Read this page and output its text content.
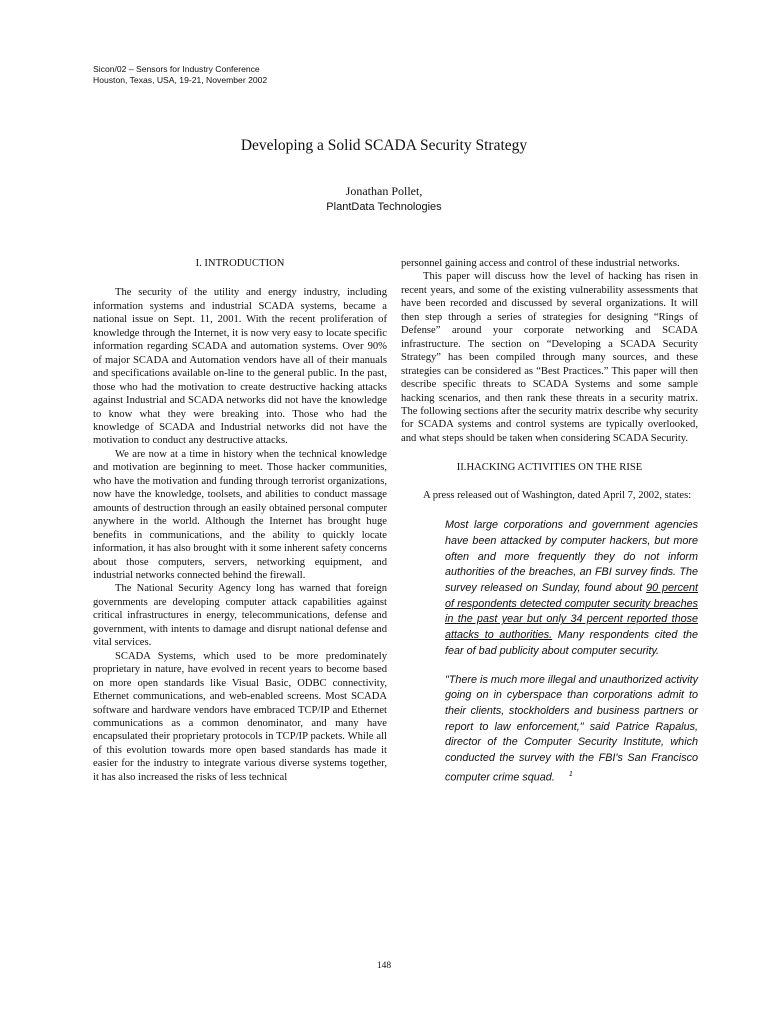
Sicon/02 – Sensors for Industry Conference
Houston, Texas, USA, 19-21, November 2002
Developing a Solid SCADA Security Strategy
Jonathan Pollet,
PlantData Technologies
I. INTRODUCTION

The security of the utility and energy industry, including information systems and industrial SCADA systems, became a national issue on Sept. 11, 2001. With the recent proliferation of knowledge through the Internet, it is now very easy to locate specific information regarding SCADA and automation systems. Over 90% of major SCADA and Automation vendors have all of their manuals and specifications available on-line to the general public. In the past, those who had the motivation to create destructive hacking attacks against Industrial and SCADA networks did not have the knowledge to know what they were breaking into. Those who had the knowledge of SCADA and Industrial networks did not have the motivation to conduct any destructive attacks.

We are now at a time in history when the technical knowledge and motivation are beginning to meet. Those hacker communities, who have the motivation and funding through terrorist organizations, now have the knowledge, toolsets, and abilities to conduct massage amounts of destruction through an easily obtained personal computer anywhere in the world. Although the Internet has brought huge benefits in communications, and the ability to quickly locate information, it has also brought with it some inherent safety concerns about those computers, servers, networking equipment, and industrial networks connected behind the firewall.

The National Security Agency long has warned that foreign governments are developing computer attack capabilities against critical infrastructures in energy, telecommunications, defense and government, with intents to damage and disrupt national defense and vital services.

SCADA Systems, which used to be more predominately proprietary in nature, have evolved in recent years to become based on more open standards like Visual Basic, ODBC connectivity, Ethernet communications, and web-enabled screens. Most SCADA software and hardware vendors have embraced TCP/IP and Ethernet communications as a common denominator, and many have encapsulated their proprietary protocols in TCP/IP packets. While all of this evolution towards more open based standards has made it easier for the industry to integrate various diverse systems together, it has also increased the risks of less technical

personnel gaining access and control of these industrial networks.

This paper will discuss how the level of hacking has risen in recent years, and some of the existing vulnerability assessments that have been recorded and discussed by several organizations. It will then step through a series of strategies for designing “Rings of Defense” around your corporate networking and SCADA infrastructure. The section on “Developing a SCADA Security Strategy” has been compiled through many sources, and these strategies can be considered as “Best Practices.” This paper will then describe specific threats to SCADA Systems and some sample hacking scenarios, and then rank these threats in a security matrix. The following sections after the security matrix describe why security for SCADA systems and control systems are typically overlooked, and what steps should be taken when considering SCADA Security.

II.HACKING ACTIVITIES ON THE RISE

A press released out of Washington, dated April 7, 2002, states:

Most large corporations and government agencies have been attacked by computer hackers, but more often and more frequently they do not inform authorities of the breaches, an FBI survey finds. The survey released on Sunday, found about 90 percent of respondents detected computer security breaches in the past year but only 34 percent reported those attacks to authorities. Many respondents cited the fear of bad publicity about computer security.
"There is much more illegal and unauthorized activity going on in cyberspace than corporations admit to their clients, stockholders and business partners or report to law enforcement," said Patrice Rapalus, director of the Computer Security Institute, which conducted the survey with the FBI's San Francisco computer crime squad. $^1$
148
